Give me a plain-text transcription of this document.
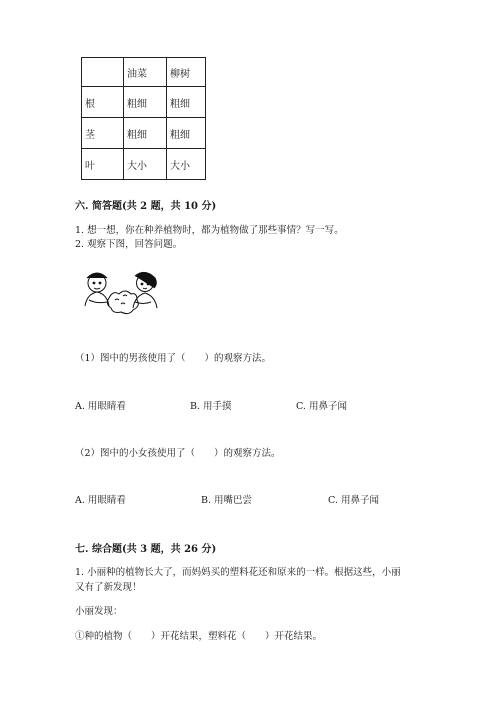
	油菜	柳树
根	粗细	粗细
茎	粗细	粗细
叶	大小	大小
六. 简答题(共 2 题，共 10 分)
1. 想一想，你在种养植物时，都为植物做了那些事情？写一写。
2. 观察下图，回答问题。
（1）图中的男孩使用了（　　）的观察方法。
A. 用眼睛看	B. 用手摸	C. 用鼻子闻
（2）图中的小女孩使用了（　　）的观察方法。
A. 用眼睛看	B. 用嘴巴尝	C. 用鼻子闻
七. 综合题(共 3 题，共 26 分)
1. 小丽种的植物长大了，而妈妈买的塑料花还和原来的一样。根据这些，小丽
又有了新发现！
小丽发现：
①种的植物（　　）开花结果，塑料花（　　）开花结果。
